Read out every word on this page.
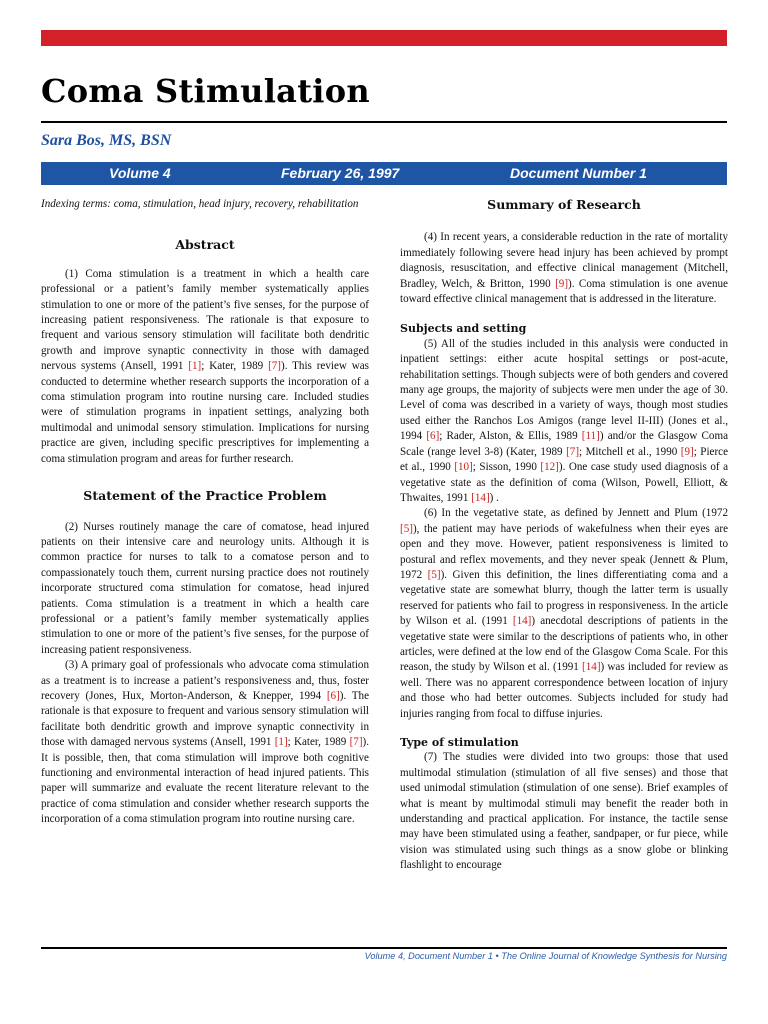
Coma Stimulation
Sara Bos, MS, BSN
Volume 4	February 26, 1997	Document Number 1

Indexing terms: coma, stimulation, head injury, recovery, rehabilitation

Abstract

(1) Coma stimulation is a treatment in which a health care professional or a patient’s family member systematically applies stimulation to one or more of the patient’s five senses, for the purpose of increasing patient responsiveness. The rationale is that exposure to frequent and various sensory stimulation will facilitate both dendritic growth and improve synaptic connectivity in those with damaged nervous systems (Ansell, 1991 [1]; Kater, 1989 [7]). This review was conducted to determine whether research supports the incorporation of a coma stimulation program into routine nursing care. Included studies were of stimulation programs in inpatient settings, analyzing both multimodal and unimodal sensory stimulation. Implications for nursing practice are given, including specific prescriptives for implementing a coma stimulation program and areas for further research.

Statement of the Practice Problem

(2) Nurses routinely manage the care of comatose, head injured patients on their intensive care and neurology units. Although it is common practice for nurses to talk to a comatose person and to compassionately touch them, current nursing practice does not routinely incorporate structured coma stimulation for comatose, head injured patients. Coma stimulation is a treatment in which a health care professional or a patient’s family member systematically applies stimulation to one or more of the patient’s five senses, for the purpose of increasing patient responsiveness.

(3) A primary goal of professionals who advocate coma stimulation as a treatment is to increase a patient’s responsiveness and, thus, foster recovery (Jones, Hux, Morton-Anderson, & Knepper, 1994 [6]). The rationale is that exposure to frequent and various sensory stimulation will facilitate both dendritic growth and improve synaptic connectivity in those with damaged nervous systems (Ansell, 1991 [1]; Kater, 1989 [7]). It is possible, then, that coma stimulation will improve both cognitive functioning and environmental interaction of head injured patients. This paper will summarize and evaluate the recent literature relevant to the practice of coma stimulation and consider whether research supports the incorporation of a coma stimulation program into routine nursing care.

Summary of Research

(4) In recent years, a considerable reduction in the rate of mortality immediately following severe head injury has been achieved by prompt diagnosis, resuscitation, and effective clinical management (Mitchell, Bradley, Welch, & Britton, 1990 [9]). Coma stimulation is one avenue toward effective clinical management that is addressed in the literature.

Subjects and setting

(5) All of the studies included in this analysis were conducted in inpatient settings: either acute hospital settings or post-acute, rehabilitation settings. Though subjects were of both genders and covered many age groups, the majority of subjects were men under the age of 30. Level of coma was described in a variety of ways, though most studies used either the Ranchos Los Amigos (range level II-III) (Jones et al., 1994 [6]; Rader, Alston, & Ellis, 1989 [11]) and/or the Glasgow Coma Scale (range level 3-8) (Kater, 1989 [7]; Mitchell et al., 1990 [9]; Pierce et al., 1990 [10]; Sisson, 1990 [12]). One case study used diagnosis of a vegetative state as the definition of coma (Wilson, Powell, Elliott, & Thwaites, 1991 [14]) .

(6) In the vegetative state, as defined by Jennett and Plum (1972 [5]), the patient may have periods of wakefulness when their eyes are open and they move. However, patient responsiveness is limited to postural and reflex movements, and they never speak (Jennett & Plum, 1972 [5]). Given this definition, the lines differentiating coma and a vegetative state are somewhat blurry, though the latter term is usually reserved for patients who fail to progress in responsiveness. In the article by Wilson et al. (1991 [14]) anecdotal descriptions of patients in the vegetative state were similar to the descriptions of patients who, in other articles, were defined at the low end of the Glasgow Coma Scale. For this reason, the study by Wilson et al. (1991 [14]) was included for review as well. There was no apparent correspondence between location of injury and those who had better outcomes. Subjects included for study had injuries ranging from focal to diffuse injuries.

Type of stimulation

(7) The studies were divided into two groups: those that used multimodal stimulation (stimulation of all five senses) and those that used unimodal stimulation (stimulation of one sense). Brief examples of what is meant by multimodal stimuli may benefit the reader both in understanding and practical application. For instance, the tactile sense may have been stimulated using a feather, sandpaper, or fur piece, while vision was stimulated using such things as a snow globe or blinking flashlight to encourage

Volume 4, Document Number 1 • The Online Journal of Knowledge Synthesis for Nursing
